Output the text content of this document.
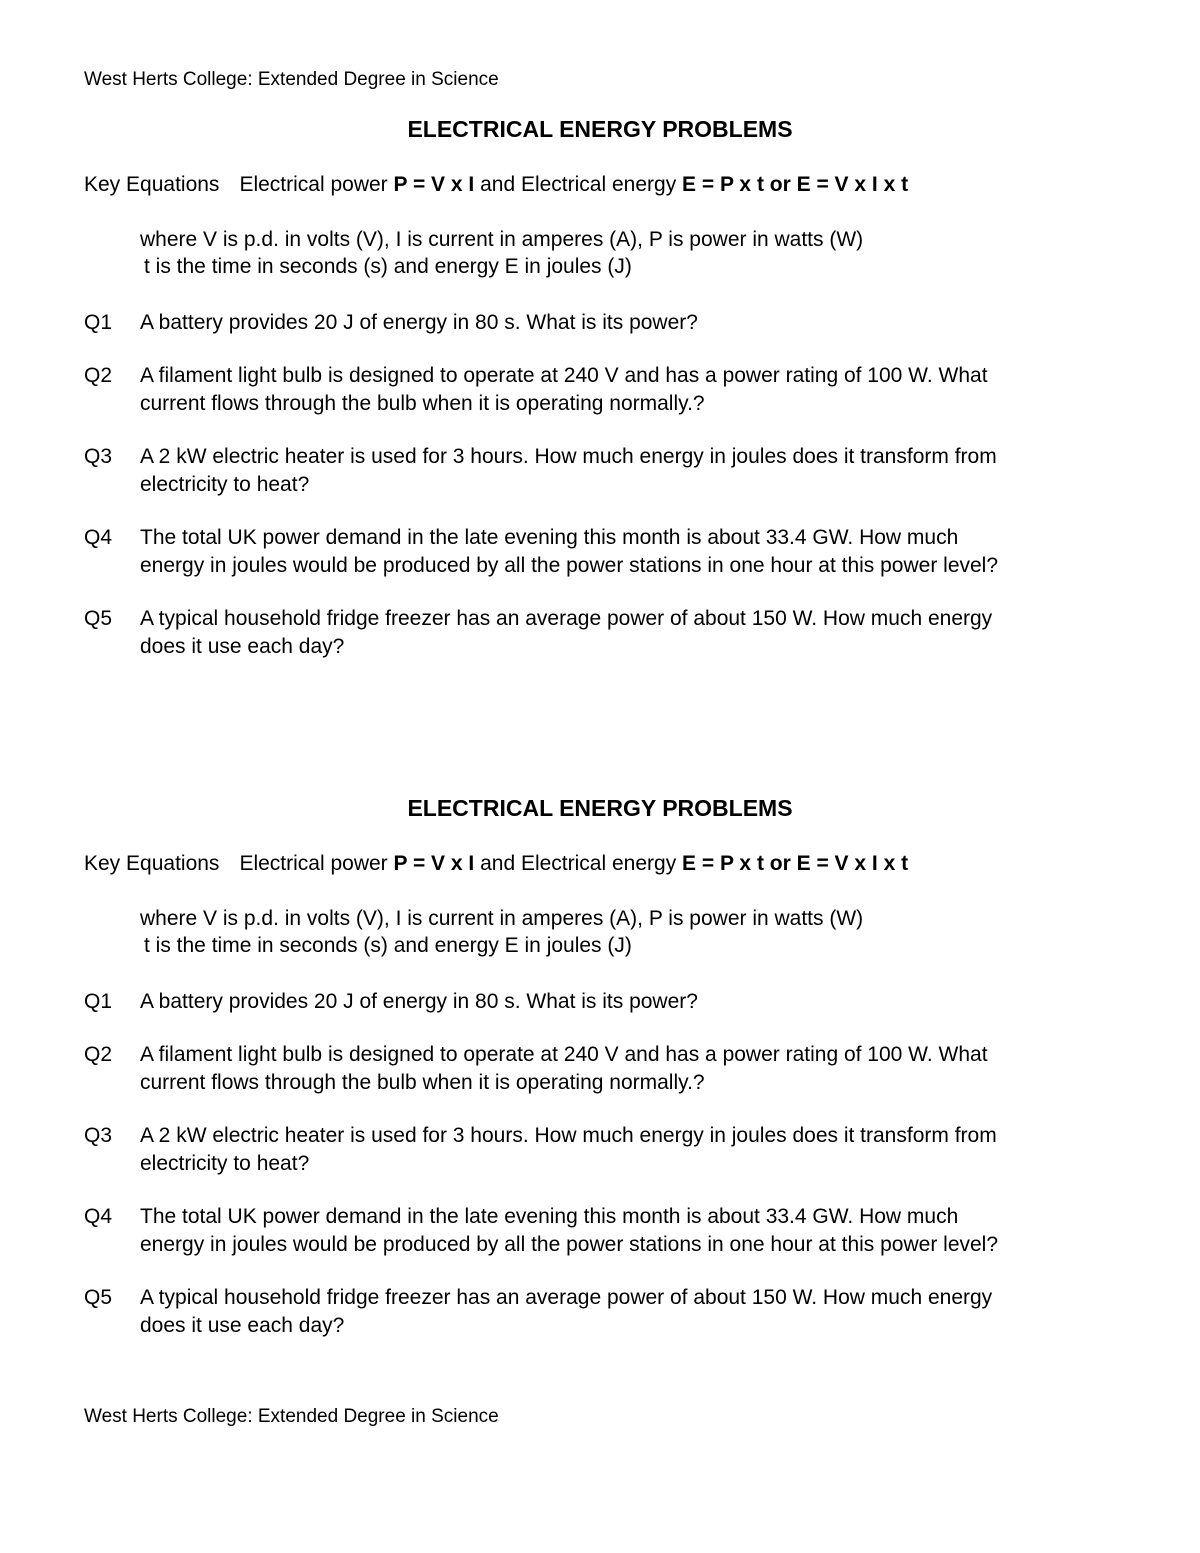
West Herts College: Extended Degree in Science
ELECTRICAL ENERGY PROBLEMS
Key Equations Electrical power P = V x I and Electrical energy E = P x t or E = V x I x t
where V is p.d. in volts (V), I is current in amperes (A), P is power in watts (W)
t is the time in seconds (s) and energy E in joules (J)
Q1 A battery provides 20 J of energy in 80 s. What is its power?
Q2 A filament light bulb is designed to operate at 240 V and has a power rating of 100 W. What
current flows through the bulb when it is operating normally.?
Q3 A 2 kW electric heater is used for 3 hours. How much energy in joules does it transform from
electricity to heat?
Q4 The total UK power demand in the late evening this month is about 33.4 GW. How much
energy in joules would be produced by all the power stations in one hour at this power level?
Q5 A typical household fridge freezer has an average power of about 150 W. How much energy
does it use each day?
ELECTRICAL ENERGY PROBLEMS
Key Equations Electrical power P = V x I and Electrical energy E = P x t or E = V x I x t
where V is p.d. in volts (V), I is current in amperes (A), P is power in watts (W)
t is the time in seconds (s) and energy E in joules (J)
Q1 A battery provides 20 J of energy in 80 s. What is its power?
Q2 A filament light bulb is designed to operate at 240 V and has a power rating of 100 W. What
current flows through the bulb when it is operating normally.?
Q3 A 2 kW electric heater is used for 3 hours. How much energy in joules does it transform from
electricity to heat?
Q4 The total UK power demand in the late evening this month is about 33.4 GW. How much
energy in joules would be produced by all the power stations in one hour at this power level?
Q5 A typical household fridge freezer has an average power of about 150 W. How much energy
does it use each day?
West Herts College: Extended Degree in Science
